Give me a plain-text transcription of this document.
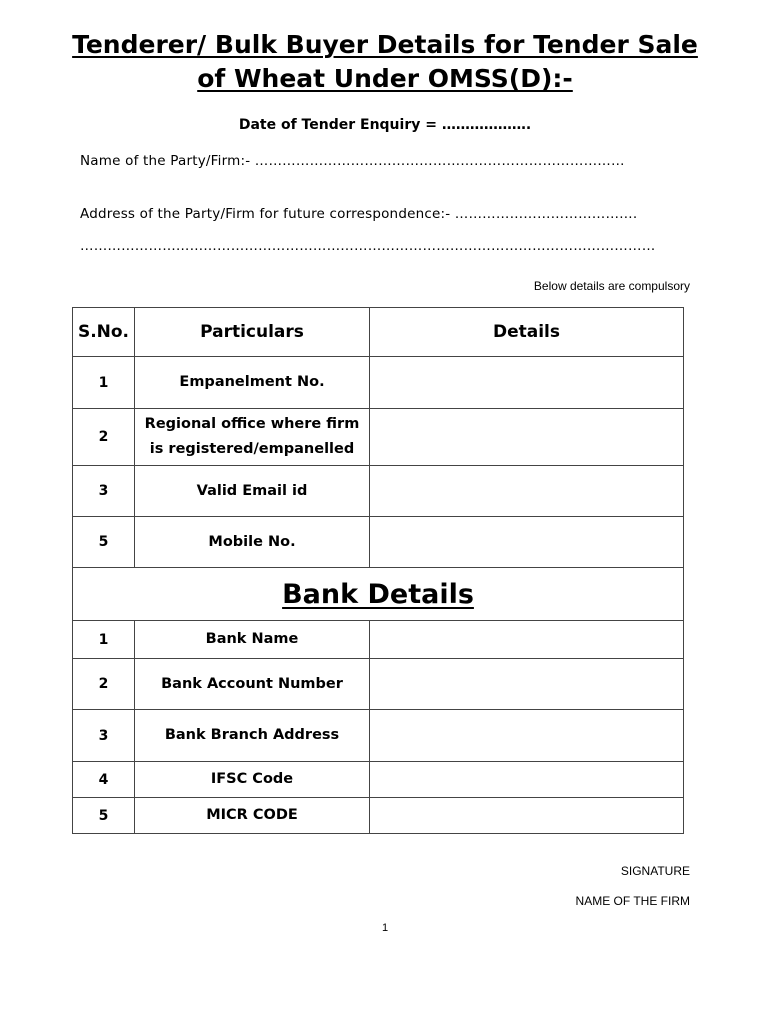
Tenderer/ Bulk Buyer Details for Tender Sale
of Wheat Under OMSS(D):-
Date of Tender Enquiry = ……………….
Name of the Party/Firm:- ………………………………………………………………………
Address of the Party/Firm for future correspondence:- ………………………………….
………………………………………………………………………………………………………………
Below details are compulsory
S.No.	Particulars	Details
1	Empanelment No.	
2	Regional office where firm is registered/empanelled	
3	Valid Email id	
5	Mobile No.	
Bank Details		
1	Bank Name	
2	Bank Account Number	
3	Bank Branch Address	
4	IFSC Code	
5	MICR CODE	
SIGNATURE
NAME OF THE FIRM
1
